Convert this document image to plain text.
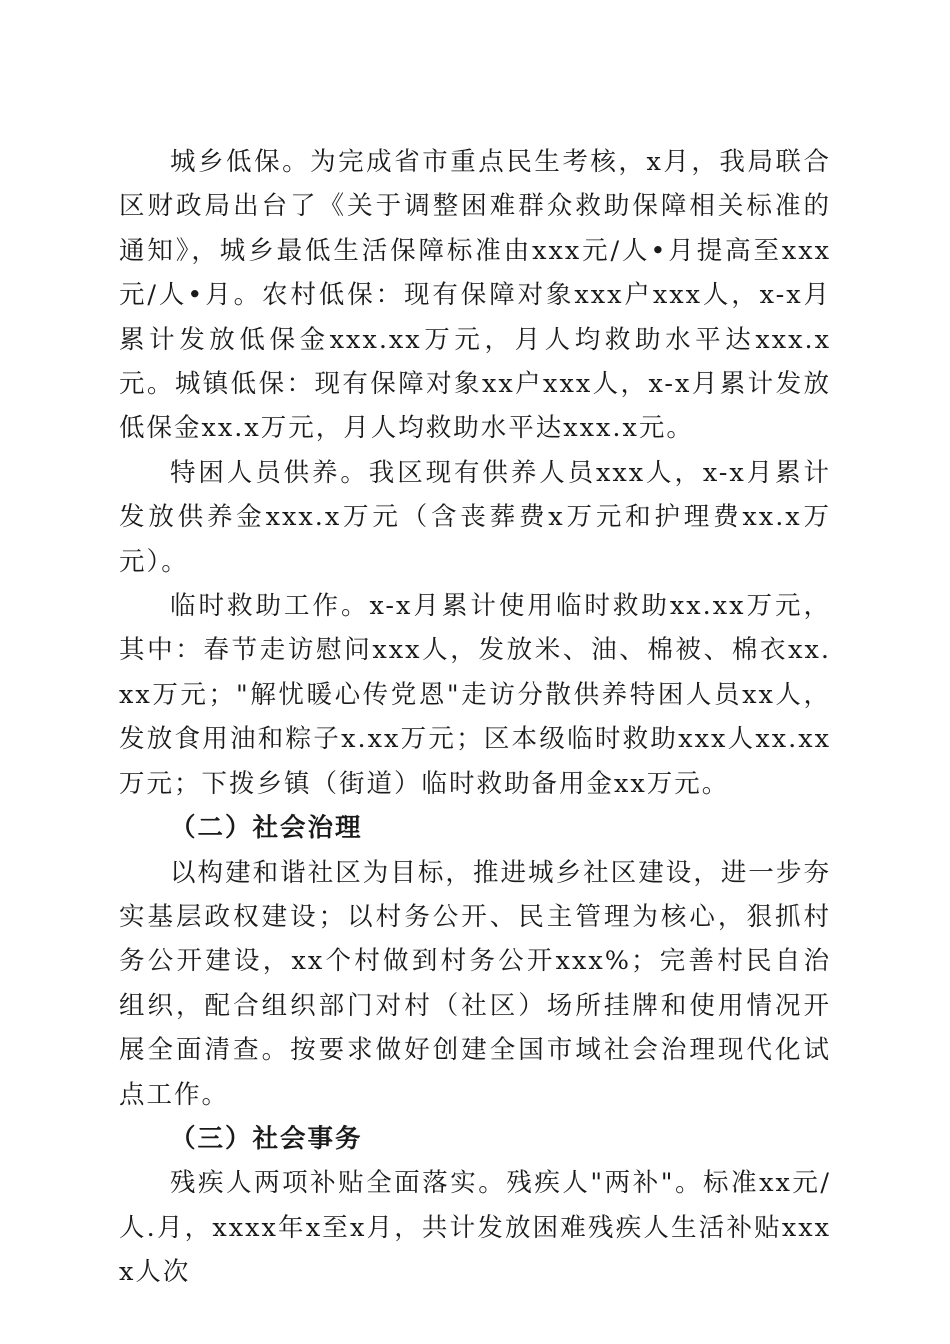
城乡低保。为完成省市重点民生考核，x月，我局联合区财政局出台了《关于调整困难群众救助保障相关标准的通知》，城乡最低生活保障标准由xxx元/人•月提高至xxx元/人•月。农村低保：现有保障对象xxx户xxx人，x-x月累计发放低保金xxx.xx万元，月人均救助水平达xxx.x元。城镇低保：现有保障对象xx户xxx人，x-x月累计发放低保金xx.x万元，月人均救助水平达xxx.x元。

特困人员供养。我区现有供养人员xxx人，x-x月累计发放供养金xxx.x万元（含丧葬费x万元和护理费xx.x万元）。

临时救助工作。x-x月累计使用临时救助xx.xx万元，其中：春节走访慰问xxx人，发放米、油、棉被、棉衣xx.xx万元；"解忧暖心传党恩"走访分散供养特困人员xx人，发放食用油和粽子x.xx万元；区本级临时救助xxx人xx.xx万元；下拨乡镇（街道）临时救助备用金xx万元。

（二）社会治理

以构建和谐社区为目标，推进城乡社区建设，进一步夯实基层政权建设；以村务公开、民主管理为核心，狠抓村务公开建设，xx个村做到村务公开xxx%；完善村民自治组织，配合组织部门对村（社区）场所挂牌和使用情况开展全面清查。按要求做好创建全国市域社会治理现代化试点工作。

（三）社会事务

残疾人两项补贴全面落实。残疾人"两补"。标准xx元/人.月，xxxx年x至x月，共计发放困难残疾人生活补贴xxxx人次
